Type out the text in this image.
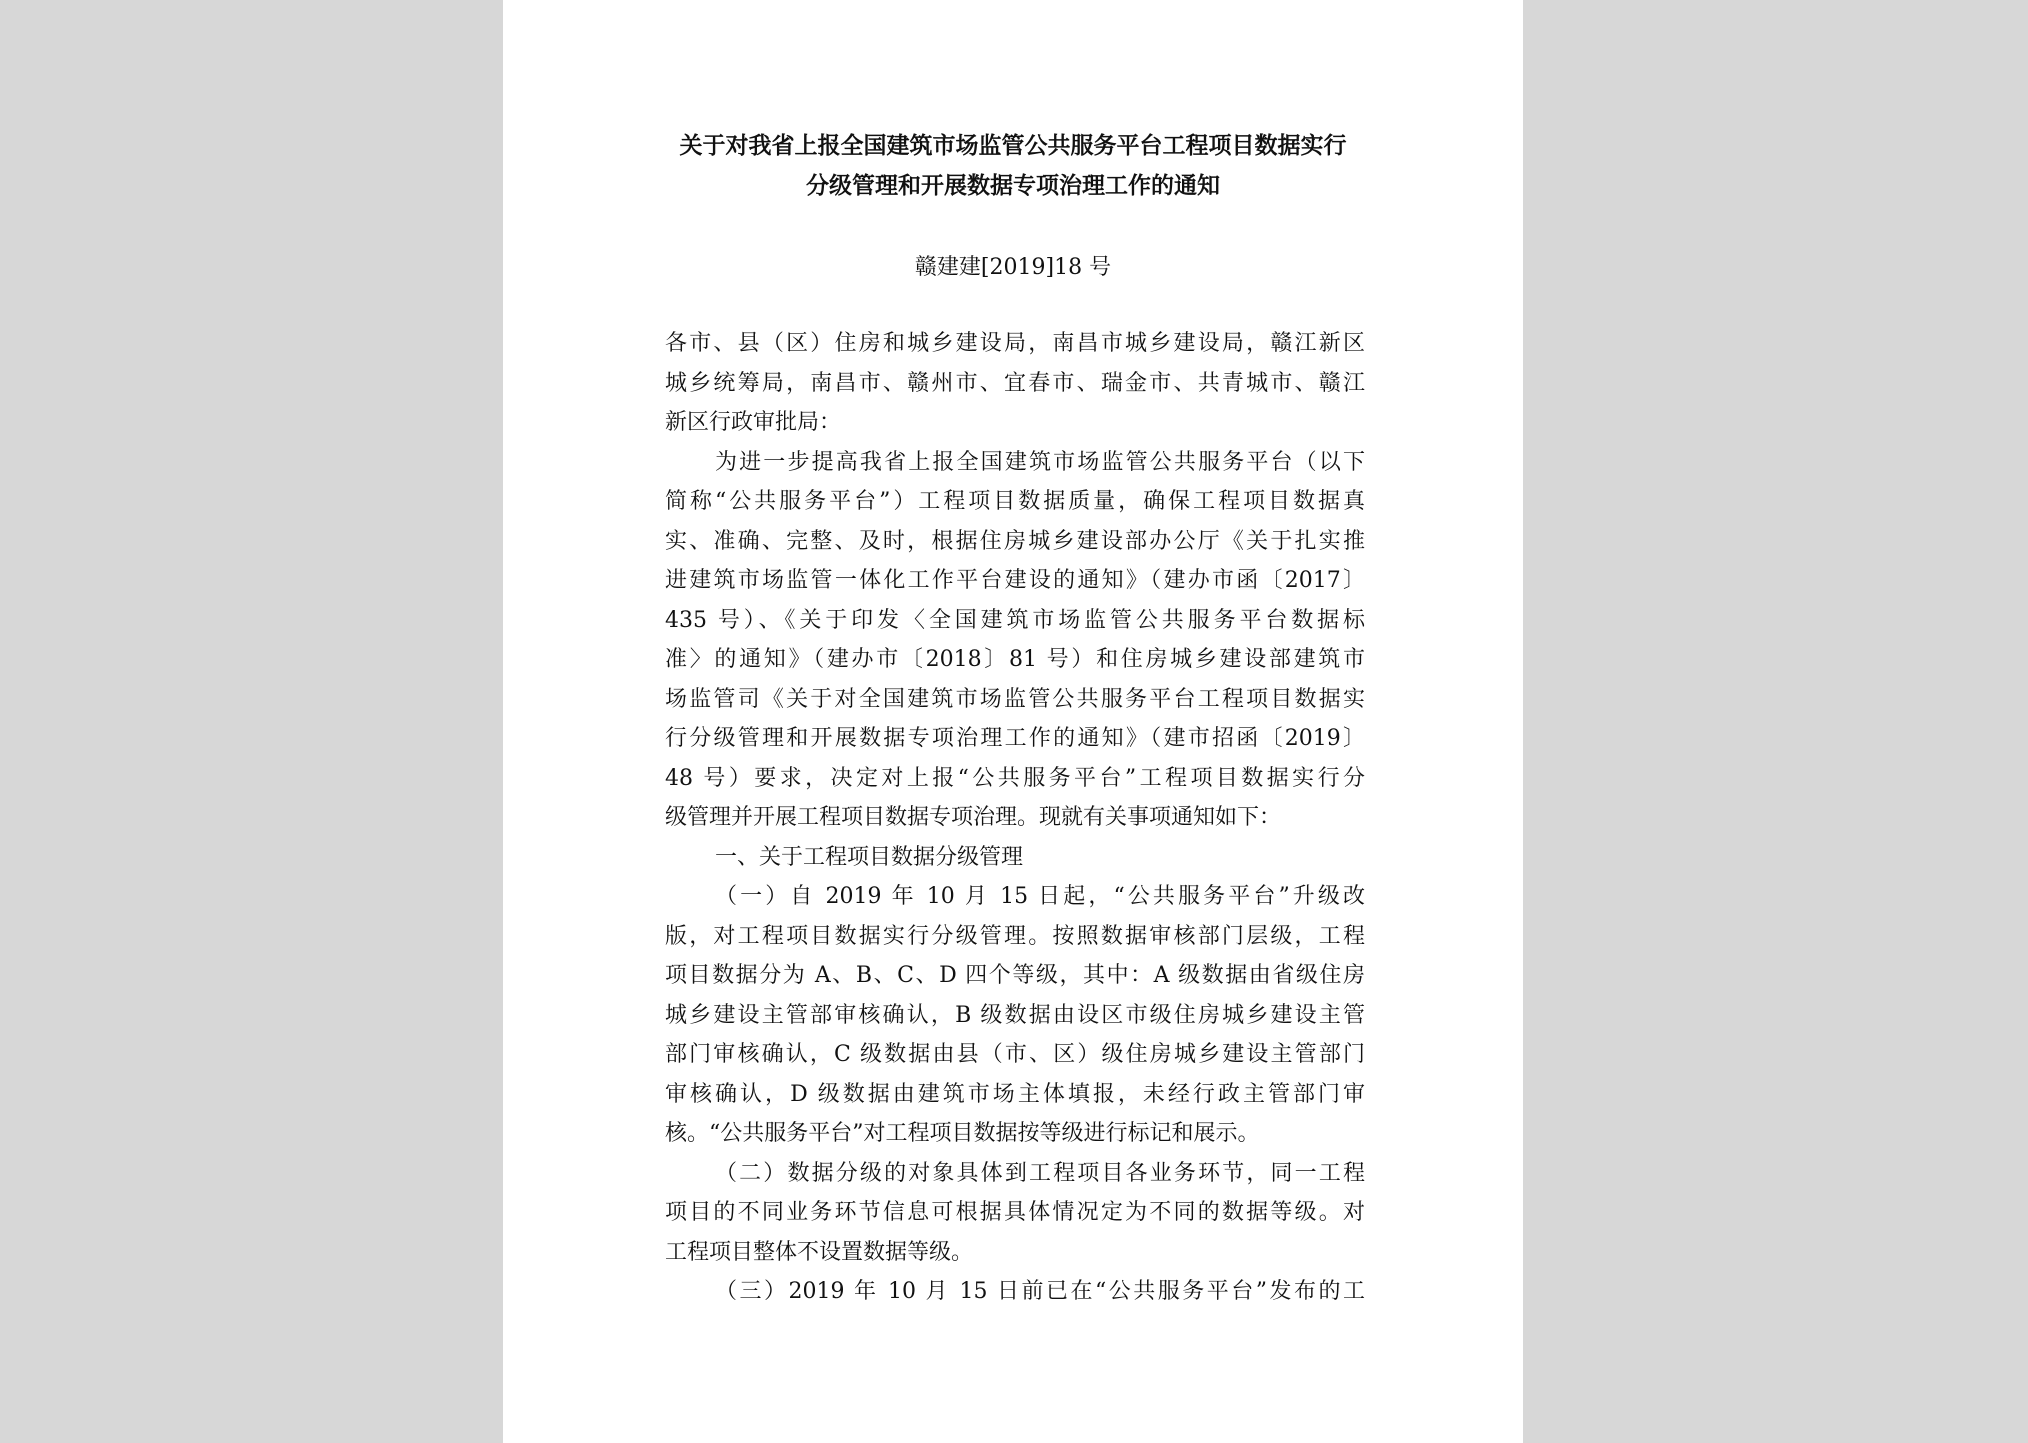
关于对我省上报全国建筑市场监管公共服务平台工程项目数据实行
分级管理和开展数据专项治理工作的通知
赣建建[2019]18 号
各市、县（区）住房和城乡建设局，南昌市城乡建设局，赣江新区
城乡统筹局，南昌市、赣州市、宜春市、瑞金市、共青城市、赣江
新区行政审批局：
为进一步提高我省上报全国建筑市场监管公共服务平台（以下
简称“公共服务平台”）工程项目数据质量，确保工程项目数据真
实、准确、完整、及时，根据住房城乡建设部办公厅《关于扎实推
进建筑市场监管一体化工作平台建设的通知》（建办市函〔2017〕
435 号）、《关于印发〈全国建筑市场监管公共服务平台数据标
准〉的通知》（建办市〔2018〕81 号）和住房城乡建设部建筑市
场监管司《关于对全国建筑市场监管公共服务平台工程项目数据实
行分级管理和开展数据专项治理工作的通知》（建市招函〔2019〕
48 号）要求，决定对上报“公共服务平台”工程项目数据实行分
级管理并开展工程项目数据专项治理。现就有关事项通知如下：
一、关于工程项目数据分级管理
（一）自 2019 年 10 月 15 日起，“公共服务平台”升级改
版，对工程项目数据实行分级管理。按照数据审核部门层级，工程
项目数据分为 A、B、C、D 四个等级，其中：A 级数据由省级住房
城乡建设主管部审核确认，B 级数据由设区市级住房城乡建设主管
部门审核确认，C 级数据由县（市、区）级住房城乡建设主管部门
审核确认，D 级数据由建筑市场主体填报，未经行政主管部门审
核。“公共服务平台”对工程项目数据按等级进行标记和展示。
（二）数据分级的对象具体到工程项目各业务环节，同一工程
项目的不同业务环节信息可根据具体情况定为不同的数据等级。对
工程项目整体不设置数据等级。
（三）2019 年 10 月 15 日前已在“公共服务平台”发布的工
